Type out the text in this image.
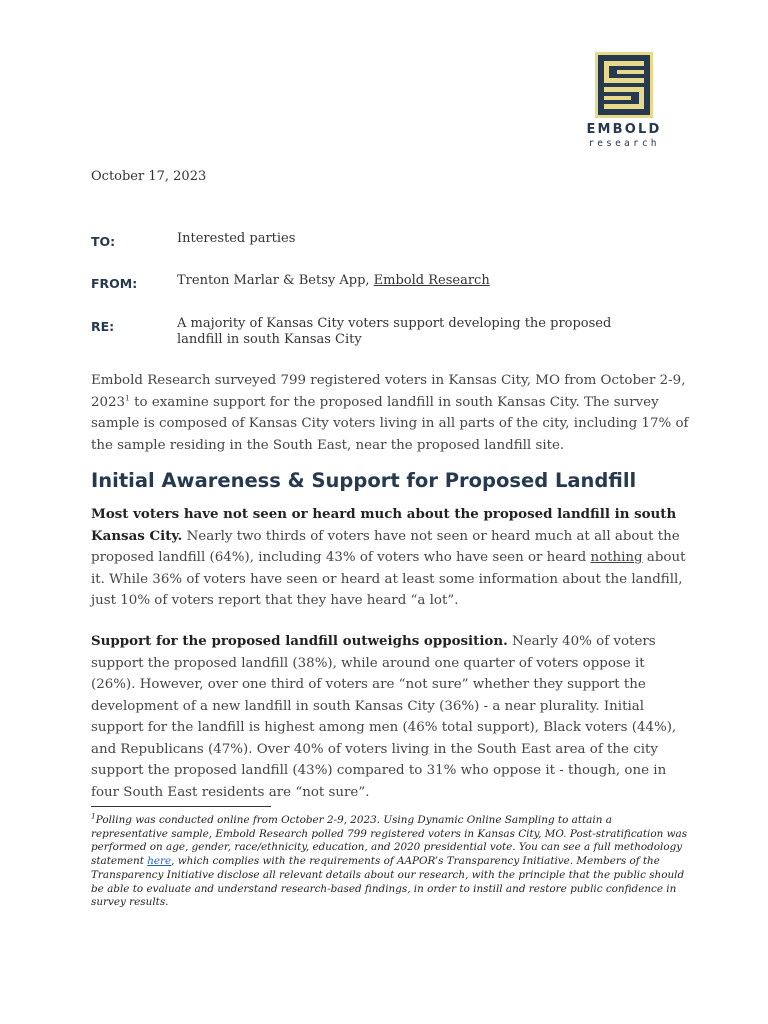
EMBOLD
research
October 17, 2023
TO:	Interested parties
FROM:	Trenton Marlar & Betsy App, Embold Research
RE:	A majority of Kansas City voters support developing the proposed landfill in south Kansas City

Embold Research surveyed 799 registered voters in Kansas City, MO from October 2-9, 2023$^1$ to examine support for the proposed landfill in south Kansas City. The survey sample is composed of Kansas City voters living in all parts of the city, including 17% of the sample residing in the South East, near the proposed landfill site.

Initial Awareness & Support for Proposed Landfill

Most voters have not seen or heard much about the proposed landfill in south Kansas City. Nearly two thirds of voters have not seen or heard much at all about the proposed landfill (64%), including 43% of voters who have seen or heard nothing about it. While 36% of voters have seen or heard at least some information about the landfill, just 10% of voters report that they have heard “a lot”.

Support for the proposed landfill outweighs opposition. Nearly 40% of voters support the proposed landfill (38%), while around one quarter of voters oppose it (26%). However, over one third of voters are “not sure” whether they support the development of a new landfill in south Kansas City (36%) - a near plurality. Initial support for the landfill is highest among men (46% total support), Black voters (44%), and Republicans (47%). Over 40% of voters living in the South East area of the city support the proposed landfill (43%) compared to 31% who oppose it - though, one in four South East residents are “not sure”.

$^1$Polling was conducted online from October 2-9, 2023. Using Dynamic Online Sampling to attain a representative sample, Embold Research polled 799 registered voters in Kansas City, MO. Post-stratification was performed on age, gender, race/ethnicity, education, and 2020 presidential vote. You can see a full methodology statement here, which complies with the requirements of AAPOR’s Transparency Initiative. Members of the Transparency Initiative disclose all relevant details about our research, with the principle that the public should be able to evaluate and understand research-based findings, in order to instill and restore public confidence in survey results.
